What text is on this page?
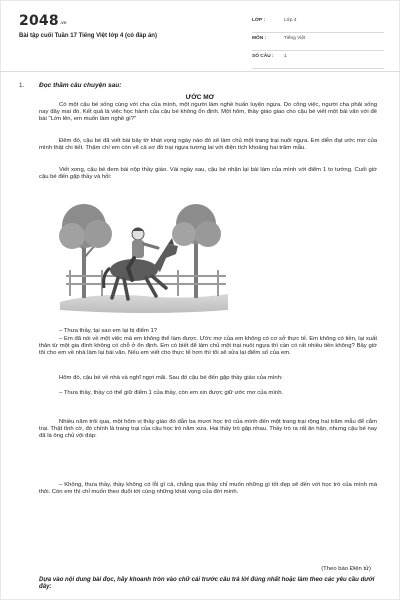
2048 .vn
Bài tập cuối Tuần 17 Tiếng Việt lớp 4 (có đáp án)
LỚP :	Lớp 4
MÔN :	Tiếng Việt
SỐ CÂU : 1
1. Đọc thầm câu chuyện sau:
ƯỚC MƠ
Có một cậu bé sống cùng với cha của mình, một người làm nghề huấn luyện ngựa. Do công việc, người cha phải sống nay đây mai đó. Kết quả là việc học hành của cậu bé không ổn định. Một hôm, thầy giáo giao cho cậu bé viết một bài văn với đề bài "Lớn lên, em muốn làm nghề gì?"
Đêm đó, cậu bé đã viết bài bảy tờ khát vọng ngày nào đó sẽ làm chủ một trang trại nuôi ngựa. Em diễn đạt ước mơ của mình thật chi tiết. Thậm chí em còn vẽ cả sơ đồ trại ngựa tương lai với diện tích khoảng hai trăm mẫu.
Viết xong, cậu bé đem bài nộp thầy giáo. Vài ngày sau, cậu bé nhận lại bài làm của mình với điểm 1 to tướng. Cuối giờ cậu bé đến gặp thầy và hỏi:
– Thưa thầy, tại sao em lại bị điểm 1?
– Em đã nói về một việc mà em không thể làm được. Ước mơ của em không có cơ sở thực tế. Em không có tiền, lại xuất thân từ một gia đình không có chỗ ở ổn định. Em có biết để làm chủ một trại nuôi ngựa thì cần có rất nhiều tiền không? Bây giờ tôi cho em về nhà làm lại bài văn. Nếu em viết cho thực tế hơn thì tôi sẽ sửa lại điểm số của em.
Hôm đó, cậu bé về nhà và nghĩ ngợi mãi. Sau đó cậu bé đến gặp thầy giáo của mình:
– Thưa thầy, thầy có thể giữ điểm 1 của thầy, còn em xin được giữ ước mơ của mình.
Nhiều năm trôi qua, một hôm vị thầy giáo đó dẫn ba mươi học trò của mình đến một trang trại rộng hai trăm mẫu để cắm trại. Thật tình cờ, đó chính là trang trại của cậu học trò năm xưa. Hai thầy trò gặp nhau. Thầy trò ra rất ân hận, nhưng cậu bé nay đã là ông chủ vội đáp:
– Không, thưa thầy, thầy không có lỗi gì cả, chẳng qua thầy chỉ muốn những gì tốt đẹp sẽ đến với học trò của mình mà thôi. Còn em thì chỉ muốn theo đuổi tới cùng những khát vọng của đời mình.
(Theo báo Điện tử)
Dựa vào nội dung bài đọc, hãy khoanh tròn vào chữ cái trước câu trả lời đúng nhất hoặc làm theo các yêu cầu dưới đây:
